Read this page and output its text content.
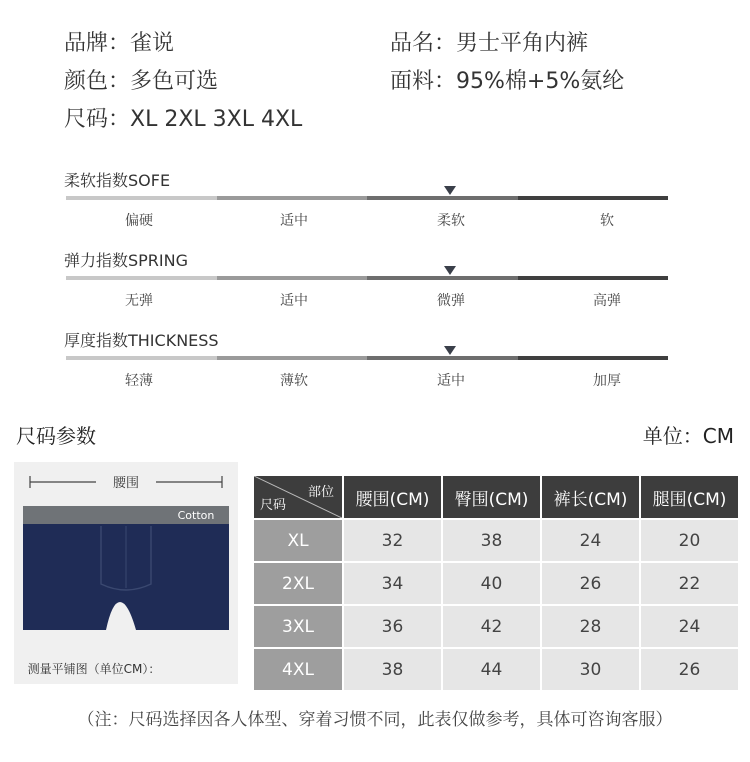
品牌：雀说	品名：男士平角内裤
颜色：多色可选	面料：95%棉+5%氨纶
尺码：XL 2XL 3XL 4XL
柔软指数SOFE
偏硬	适中	柔软	软
弹力指数SPRING
无弹	适中	微弹	高弹
厚度指数THICKNESS
轻薄	薄软	适中	加厚
尺码参数	单位：CM
腰围
Cotton
测量平铺图（单位CM）：
部位
尺码	腰围(CM)	臀围(CM)	裤长(CM)	腿围(CM)
XL	32	38	24	20
2XL	34	40	26	22
3XL	36	42	28	24
4XL	38	44	30	26
（注：尺码选择因各人体型、穿着习惯不同，此表仅做参考，具体可咨询客服）
